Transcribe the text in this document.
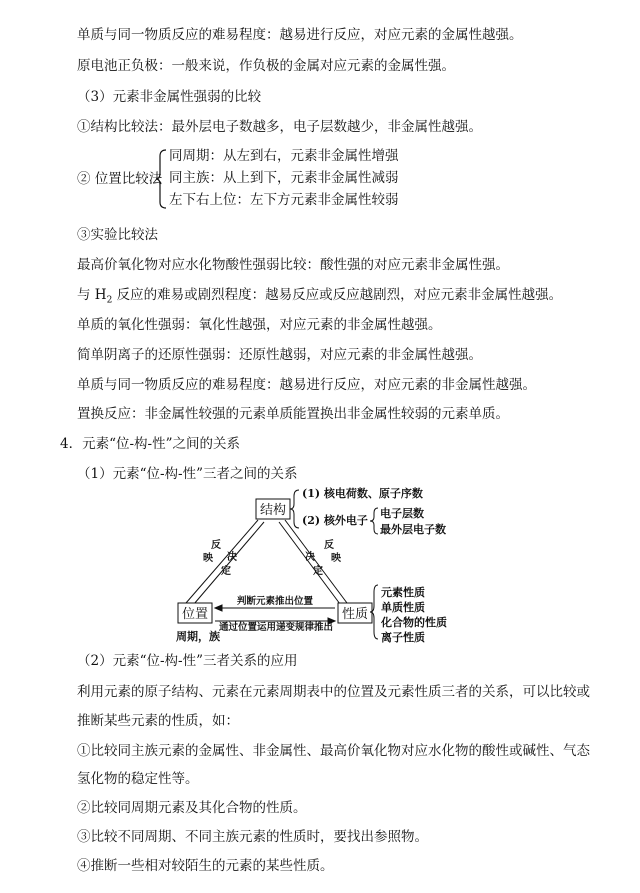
单质与同一物质反应的难易程度：越易进行反应，对应元素的金属性越强。
原电池正负极：一般来说，作负极的金属对应元素的金属性强。
（3）元素非金属性强弱的比较
①结构比较法：最外层电子数越多，电子层数越少，非金属性越强。
② 位置比较法
同周期：从左到右，元素非金属性增强
同主族：从上到下，元素非金属性减弱
左下右上位：左下方元素非金属性较弱
③实验比较法
最高价氧化物对应水化物酸性强弱比较：酸性强的对应元素非金属性强。
与 $H_2$ 反应的难易或剧烈程度：越易反应或反应越剧烈，对应元素非金属性越强。
单质的氧化性强弱：氧化性越强，对应元素的非金属性越强。
简单阴离子的还原性强弱：还原性越弱，对应元素的非金属性越强。
单质与同一物质反应的难易程度：越易进行反应，对应元素的非金属性越强。
置换反应：非金属性较强的元素单质能置换出非金属性较弱的元素单质。
4．元素“位-构-性”之间的关系
（1）元素“位-构-性”三者之间的关系
结构
位置	性质
周期，族
(1) 核电荷数、原子序数
(2) 核外电子
电子层数
最外层电子数
反
映 决
定
反
映
决
定
判断元素推出位置
通过位置运用递变规律推出
元素性质
单质性质
化合物的性质
离子性质
（2）元素“位-构-性”三者关系的应用
利用元素的原子结构、元素在元素周期表中的位置及元素性质三者的关系，可以比较或
推断某些元素的性质，如：
①比较同主族元素的金属性、非金属性、最高价氧化物对应水化物的酸性或碱性、气态
氢化物的稳定性等。
②比较同周期元素及其化合物的性质。
③比较不同周期、不同主族元素的性质时，要找出参照物。
④推断一些相对较陌生的元素的某些性质。
